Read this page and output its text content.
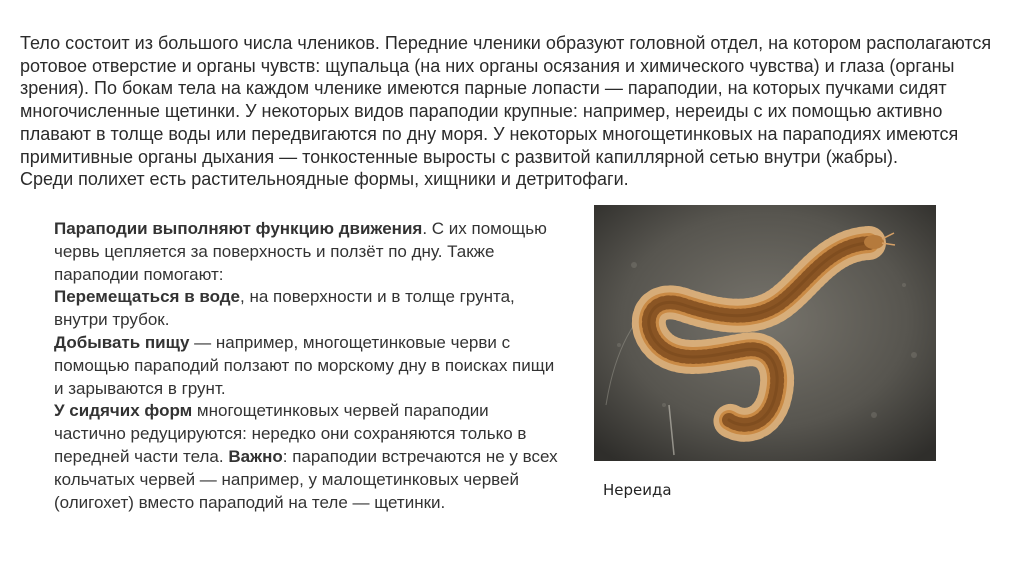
Тело состоит из большого числа члеников. Передние членики образуют головной отдел, на котором располагаются ротовое отверстие и органы чувств: щупальца (на них органы осязания и химического чувства) и глаза (органы зрения). По бокам тела на каждом членике имеются парные лопасти — параподии, на которых пучками сидят многочисленные щетинки. У некоторых видов параподии крупные: например, нереиды с их помощью активно плавают в толще воды или передвигаются по дну моря. У некоторых многощетинковых на параподиях имеются примитивные органы дыхания — тонкостенные выросты с развитой капиллярной сетью внутри (жабры).

Среди полихет есть растительноядные формы, хищники и детритофаги.

Параподии выполняют функцию движения. С их помощью червь цепляется за поверхность и ползёт по дну. Также параподии помогают:

Перемещаться в воде, на поверхности и в толще грунта, внутри трубок.

Добывать пищу — например, многощетинковые черви с помощью параподий ползают по морскому дну в поисках пищи и зарываются в грунт.

У сидячих форм многощетинковых червей параподии частично редуцируются: нередко они сохраняются только в передней части тела. Важно: параподии встречаются не у всех кольчатых червей — например, у малощетинковых червей (олигохет) вместо параподий на теле — щетинки.

Нереида
